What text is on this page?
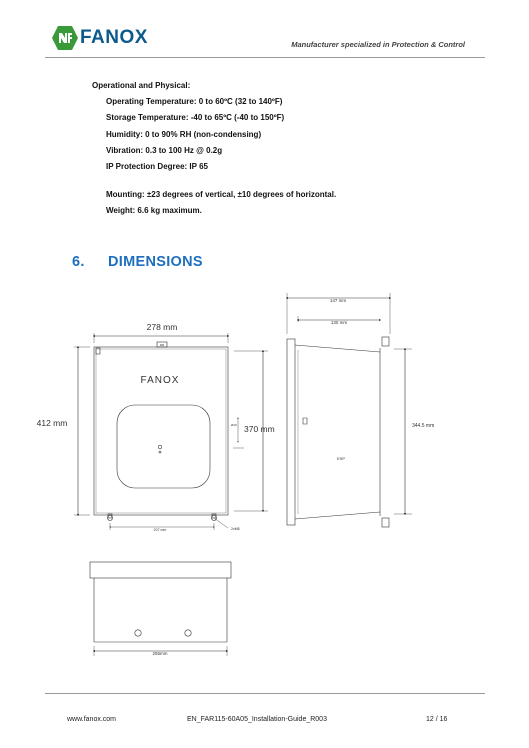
FANOX	Manufacturer specialized in Protection & Control
Operational and Physical:
Operating Temperature: 0 to 60ºC (32 to 140ºF)
Storage Temperature: -40 to 65ºC (-40 to 150ºF)
Humidity: 0 to 90% RH (non-condensing)
Vibration: 0.3 to 100 Hz @ 0.2g
IP Protection Degree: IP 65
Mounting: ±23 degrees of vertical, ±10 degrees of horizontal.
Weight: 6.6 kg maximum.
6. DIMENSIONS
278 mm
412 mm
370 mm
FANOX
207 mm
Ø10
2xM8
M8
147 mm
130 mm
344.5 mm
ESP
255mm
www.fanox.com	EN_FAR115-60A05_Installation-Guide_R003	12 / 16
